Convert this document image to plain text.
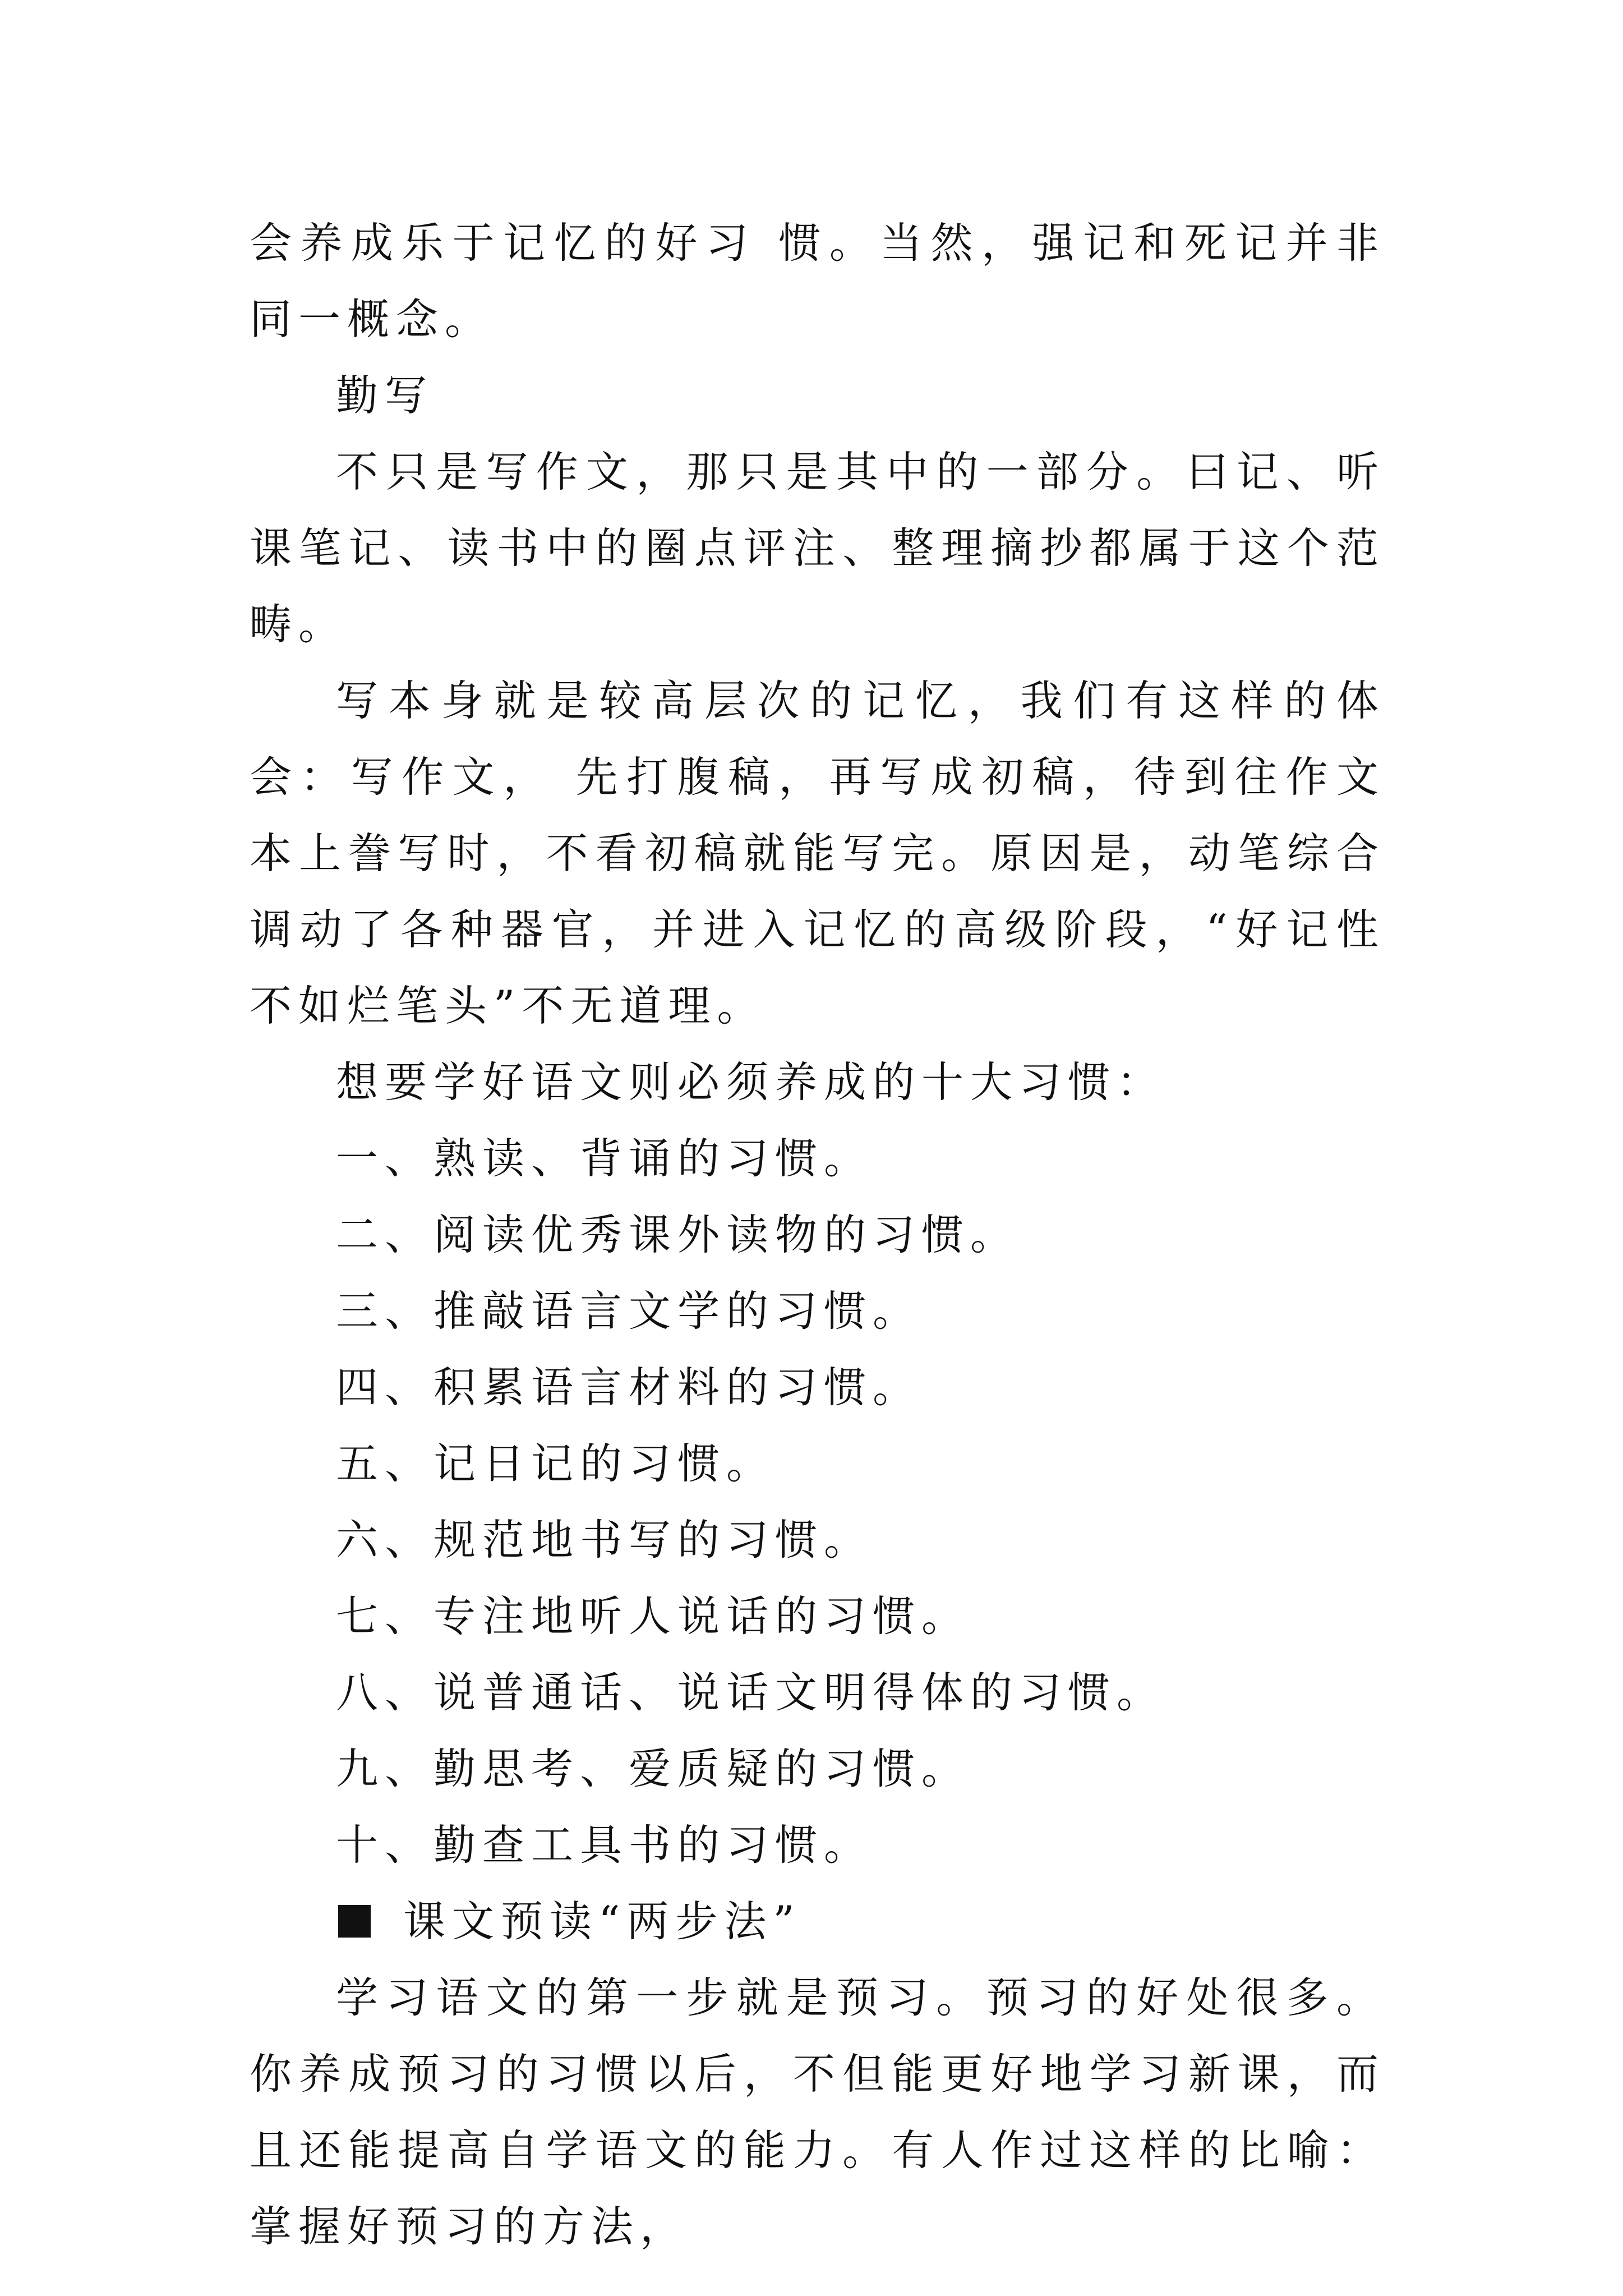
会养成乐于记忆的好习 惯。当然，强记和死记并非同一概念。

勤写

不只是写作文，那只是其中的一部分。曰记、听课笔记、读书中的圈点评注、整理摘抄都属于这个范畴。

写本身就是较高层次的记忆，我们有这样的体会：写作文， 先打腹稿，再写成初稿，待到往作文本上誊写时，不看初稿就能写完。原因是，动笔综合调动了各种器官，并进入记忆的高级阶段，“好记性不如烂笔头”不无道理。

想要学好语文则必须养成的十大习惯：

一、熟读、背诵的习惯。

二、阅读优秀课外读物的习惯。

三、推敲语言文学的习惯。

四、积累语言材料的习惯。

五、记日记的习惯。

六、规范地书写的习惯。

七、专注地听人说话的习惯。

八、说普通话、说话文明得体的习惯。

九、勤思考、爱质疑的习惯。

十、勤查工具书的习惯。

课文预读“两步法”

学习语文的第一步就是预习。预习的好处很多。你养成预习的习惯以后，不但能更好地学习新课，而且还能提高自学语文的能力。有人作过这样的比喻：掌握好预习的方法，
